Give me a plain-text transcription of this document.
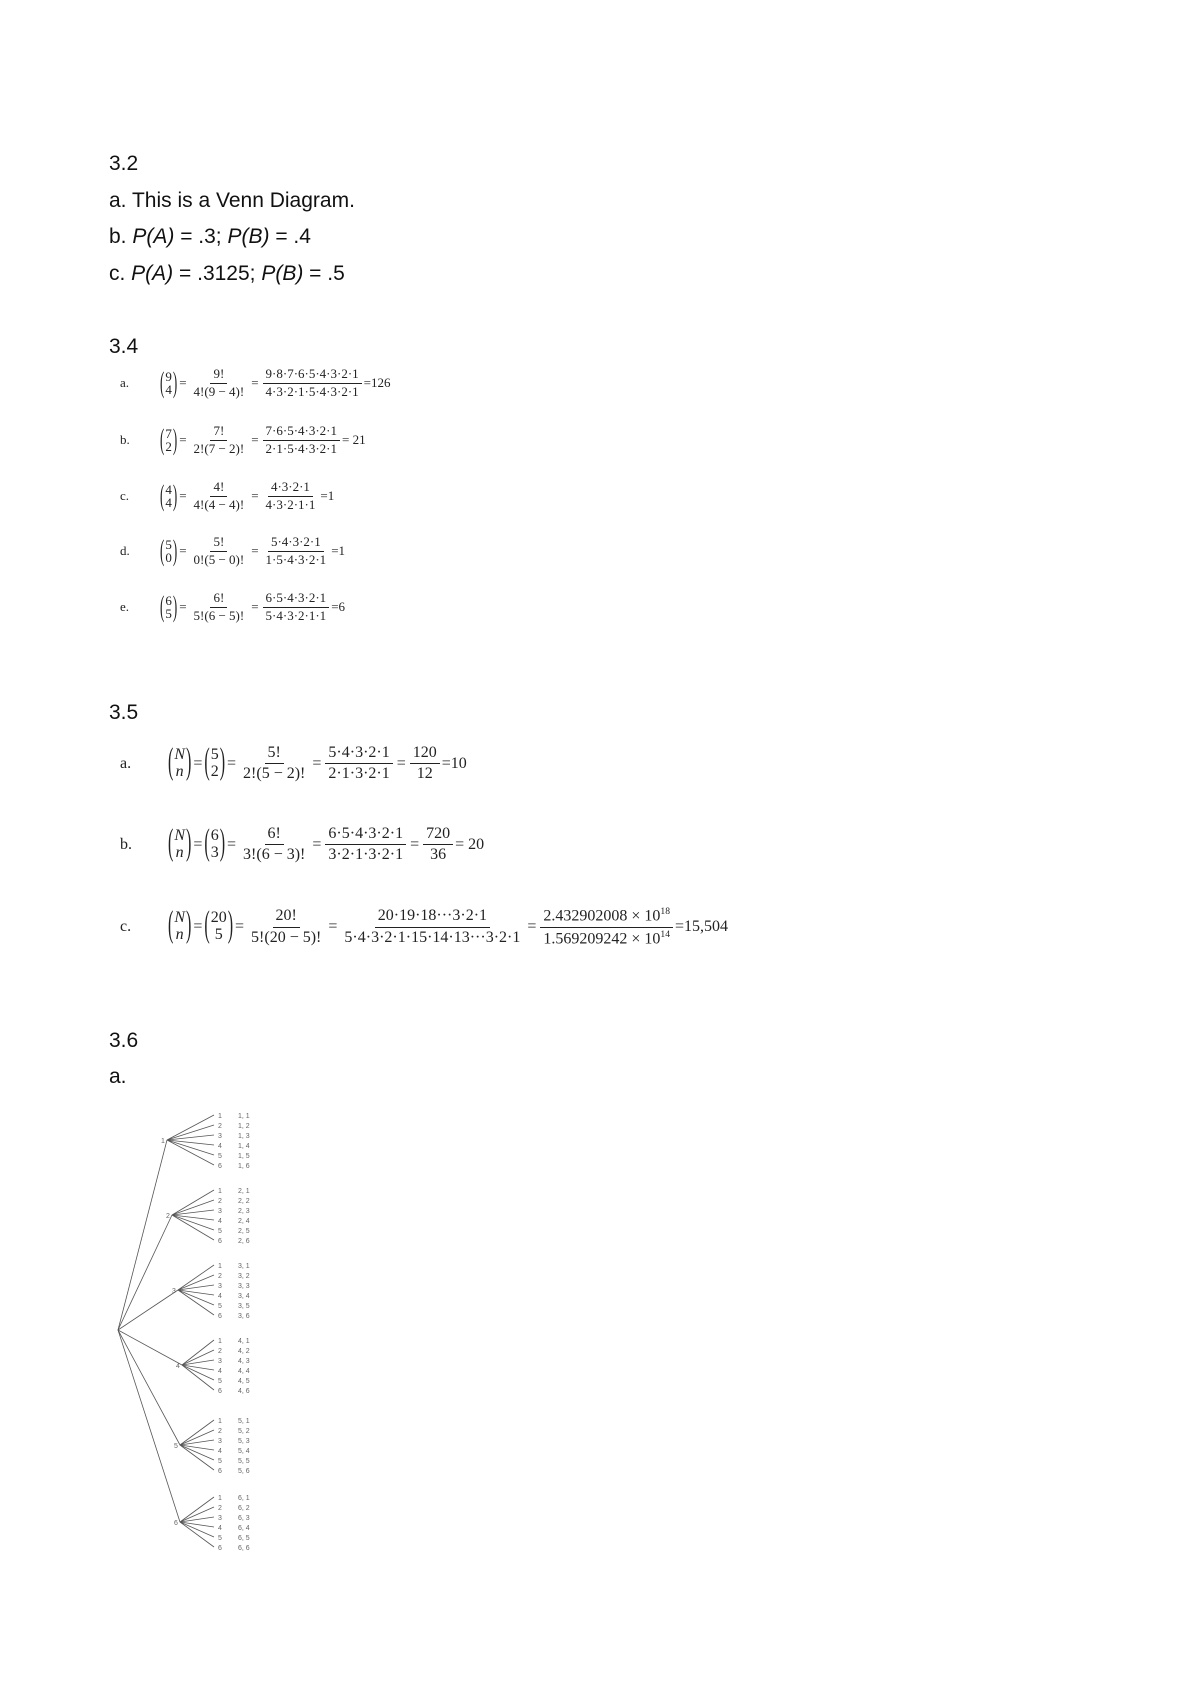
3.2
a. This is a Venn Diagram.
b. P(A) = .3; P(B) = .4
c. P(A) = .3125; P(B) = .5
3.4
a.	( 9
4 ) = $\frac{9!}{4!(9 - 4)!} = \frac{9\cdot 8\cdot 7\cdot 6\cdot 5\cdot 4\cdot 3\cdot 2\cdot 1}{4\cdot 3\cdot 2\cdot 1\cdot 5\cdot 4\cdot 3\cdot 2\cdot 1} =126$
b.	( 7
2 ) = $\frac{7!}{2!(7 - 2)!} = \frac{7\cdot 6\cdot 5\cdot 4\cdot 3\cdot 2\cdot 1}{2\cdot 1\cdot 5\cdot 4\cdot 3\cdot 2\cdot 1} = 21$
c.	( 4
4 ) = $\frac{4!}{4!(4 - 4)!} = \frac{4\cdot 3\cdot 2\cdot 1}{4\cdot 3\cdot 2\cdot 1\cdot 1} =1$
d.	( 5
0 ) = $\frac{5!}{0!(5 - 0)!} = \frac{5\cdot 4\cdot 3\cdot 2\cdot 1}{1\cdot 5\cdot 4\cdot 3\cdot 2\cdot 1} =1$
e.	( 6
5 ) = $\frac{6!}{5!(6 - 5)!} = \frac{6\cdot 5\cdot 4\cdot 3\cdot 2\cdot 1}{5\cdot 4\cdot 3\cdot 2\cdot 1\cdot 1} =6$
3.5
a.	( N
n ) = ( 5
2 ) = $\frac{5!}{2!(5 - 2)!} = \frac{5\cdot 4\cdot 3\cdot 2\cdot 1}{2\cdot 1\cdot 3\cdot 2\cdot 1} = \frac{120}{12} =10$
b.	( N
n ) = ( 6
3 ) = $\frac{6!}{3!(6 - 3)!} = \frac{6\cdot 5\cdot 4\cdot 3\cdot 2\cdot 1}{3\cdot 2\cdot 1\cdot 3\cdot 2\cdot 1} = \frac{720}{36} = 20$
c.	( N
n ) = ( 20
5 ) = $\frac{20!}{5!(20 - 5)!} = \frac{20\cdot 19\cdot 18\cdot\cdot\cdot 3\cdot 2\cdot 1}{5\cdot 4\cdot 3\cdot 2\cdot 1\cdot 15\cdot 14\cdot 13\cdot\cdot\cdot 3\cdot 2\cdot 1} = \frac{2.432902008 \times 10^{18}}{1.569209242 \times 10^{14}} =15,504$
3.6
a.
1
1 1, 1
2 1, 2
3 1, 3
4 1, 4
5 1, 5
6 1, 6
2
1 2, 1
2 2, 2
3 2, 3
4 2, 4
5 2, 5
6 2, 6
3
1 3, 1
2 3, 2
3 3, 3
4 3, 4
5 3, 5
6 3, 6
4
1 4, 1
2 4, 2
3 4, 3
4 4, 4
5 4, 5
6 4, 6
5
1 5, 1
2 5, 2
3 5, 3
4 5, 4
5 5, 5
6 5, 6
6
1 6, 1
2 6, 2
3 6, 3
4 6, 4
5 6, 5
6 6, 6
